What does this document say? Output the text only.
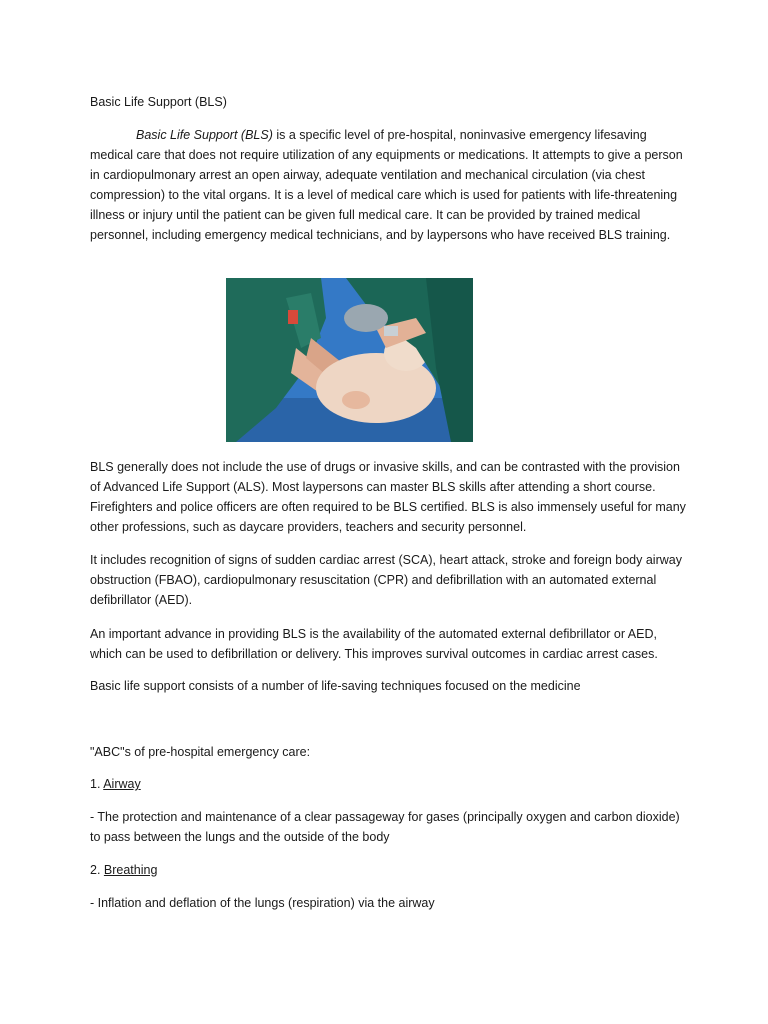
Basic Life Support (BLS)
Basic Life Support (BLS) is a specific level of pre-hospital, noninvasive emergency lifesaving medical care that does not require utilization of any equipments or medications. It attempts to give a person in cardiopulmonary arrest an open airway, adequate ventilation and mechanical circulation (via chest compression) to the vital organs. It is a level of medical care which is used for patients with life-threatening illness or injury until the patient can be given full medical care. It can be provided by trained medical personnel, including emergency medical technicians, and by laypersons who have received BLS training.
BLS generally does not include the use of drugs or invasive skills, and can be contrasted with the provision of Advanced Life Support (ALS). Most laypersons can master BLS skills after attending a short course. Firefighters and police officers are often required to be BLS certified. BLS is also immensely useful for many other professions, such as daycare providers, teachers and security personnel.
It includes recognition of signs of sudden cardiac arrest (SCA), heart attack, stroke and foreign body airway obstruction (FBAO), cardiopulmonary resuscitation (CPR) and defibrillation with an automated external defibrillator (AED).
An important advance in providing BLS is the availability of the automated external defibrillator or AED, which can be used to defibrillation or delivery. This improves survival outcomes in cardiac arrest cases.
Basic life support consists of a number of life-saving techniques focused on the medicine
"ABC"s of pre-hospital emergency care:
1. Airway
- The protection and maintenance of a clear passageway for gases (principally oxygen and carbon dioxide) to pass between the lungs and the outside of the body
2. Breathing
- Inflation and deflation of the lungs (respiration) via the airway
